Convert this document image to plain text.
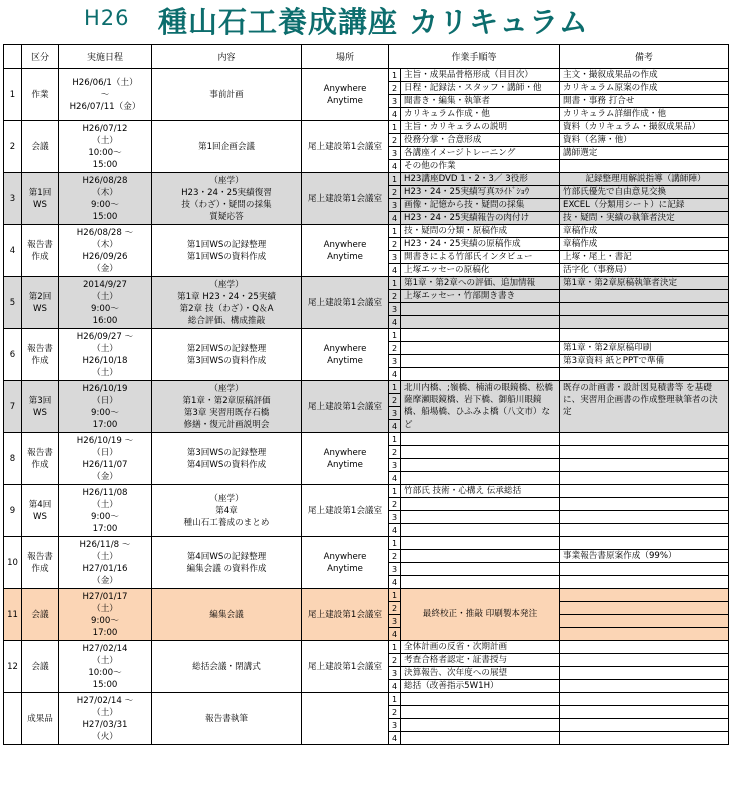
H26 種山石工養成講座 カリキュラム
	区分	実施日程	内容	場所	作業手順等		備考
1	作業	H26/06/1（土）
～
H26/07/11（金）	事前計画	Anywhere
Anytime	1	主旨・成果品骨格形成（目目次）	主文・撮叙成果品の作成
					2	日程・記録法・スタッフ・講師・他	カリキュラム原案の作成
					3	聞書き・編集・執筆者	開書・事務 打合せ
					4	カリキュラム作成・他	カリキュラム詳細作成・他
2	会議	H26/07/12
（土）
10:00～
15:00	第1回企画会議	尾上建設第1会議室	1	主旨・カリキュラムの説明	資料（カリキュラム・撮叙成果品）
					2	役務分掌・合意形成	資料（名簿・他）
					3	各講座イメージトレーニング	講師選定
					4	その他の作業	
3	第1回
WS	H26/08/28
（木）
9:00～
15:00	（座学）
H23・24・25実績復習
技（わざ）・疑問の採集
質疑応答	尾上建設第1会議室	1	H23講座DVD 1・2・3／ 3役形	記録整理用解説指導（講師陣）
					2	H23・24・25実績写真ｽﾗｲﾄﾞｼｮｳ	竹部氏優先で自由意見交換
					3	画像・記憶から技・疑問の採集	EXCEL（分類用シート）に記録
					4	H23・24・25実績報告の肉付け	技・疑問・実績の執筆者決定
4	報告書
作成	H26/08/28 ～
（木）
H26/09/26
（金）	第1回WSの記録整理
第1回WSの資料作成	Anywhere
Anytime	1	技・疑問の分類・原稿作成	章稿作成
					2	H23・24・25実績の原稿作成	章稿作成
					3	開書きによる竹部氏インタビュー	上塚・尾上・書記
					4	上塚エッセーの原稿化	活字化（事務局）
5	第2回
WS	2014/9/27
（土）
9:00～
16:00	（座学）
第1章 H23・24・25実績
第2章 技（わざ）・Q＆A
総合評価、構成推敲	尾上建設第1会議室	1	第1章・第2章への評価、追加情報	第1章・第2章原稿執筆者決定
					2	上塚エッセー・竹部開き書き	
					3		
					4		
6	報告書
作成	H26/09/27 ～
（土）
H26/10/18
（土）	第2回WSの記録整理
第3回WSの資料作成	Anywhere
Anytime	1		
					2		第1章・第2章原稿印刷
					3		第3章資料 紙とPPTで準備
					4		
7	第3回
WS	H26/10/19
（日）
9:00～
17:00	（座学）
第1章・第2章原稿評価
第3章 実習用既存石橋
修繕・復元計画説明会	尾上建設第1会議室	1	北川内橋、;嶺橋、楠浦の眼鏡橋、松橋薩摩瀬眼鏡橋、岩下橋、御船川眼鏡橋、船場橋、ひふみよ橋（八文市）など	既存の計画書・設計図見積書等 を基礎に、実習用企画書の作成整理執筆者の決定
					2		
					3		
					4		
8	報告書
作成	H26/10/19 ～
（日）
H26/11/07
（金）	第3回WSの記録整理
第4回WSの資料作成	Anywhere
Anytime	1		
					2		
					3		
					4		
9	第4回
WS	H26/11/08
（土）
9:00～
17:00	（座学）
第4章
種山石工養成のまとめ	尾上建設第1会議室	1	竹部氏 技術・心構え 伝承総括	
					2		
					3		
					4		
10	報告書
作成	H26/11/8 ～
（土）
H27/01/16
（金）	第4回WSの記録整理
編集会議 の資料作成	Anywhere
Anytime	1		
					2		事業報告書原案作成（99%）
					3		
					4		
11	会議	H27/01/17
（土）
9:00～
17:00	編集会議	尾上建設第1会議室	1	最終校正・推敲 印刷製本発注	

					2		
					3		
					4		
12	会議	H27/02/14
（土）
10:00～
15:00	総括会議・閉講式	尾上建設第1会議室	1	全体計画の反省・次期計画	
					2	考査合格者認定・証書授与	
					3	決算報告、次年度への展望	
					4	総括（改善指示5W1H）	

	成果品	H27/02/14 ～
（土）
H27/03/31
（火）	報告書執筆		1		
					2		
					3		
					4		
